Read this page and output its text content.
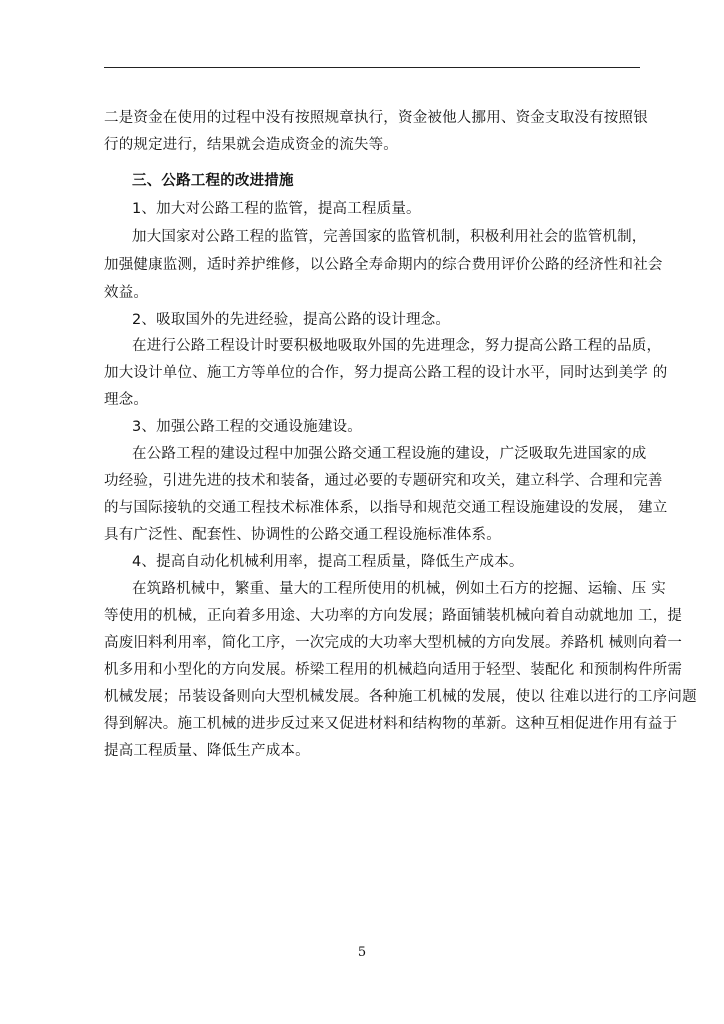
二是资金在使用的过程中没有按照规章执行，资金被他人挪用、资金支取没有按照银
行的规定进行，结果就会造成资金的流失等。
三、公路工程的改进措施
1、加大对公路工程的监管，提高工程质量。
加大国家对公路工程的监管，完善国家的监管机制，积极利用社会的监管机制，
加强健康监测，适时养护维修，以公路全寿命期内的综合费用评价公路的经济性和社会
效益。
2、吸取国外的先进经验，提高公路的设计理念。
在进行公路工程设计时要积极地吸取外国的先进理念，努力提高公路工程的品质，
加大设计单位、施工方等单位的合作，努力提高公路工程的设计水平，同时达到美学 的
理念。
3、加强公路工程的交通设施建设。
在公路工程的建设过程中加强公路交通工程设施的建设，广泛吸取先进国家的成
功经验，引进先进的技术和装备，通过必要的专题研究和攻关，建立科学、合理和完善
的与国际接轨的交通工程技术标准体系，以指导和规范交通工程设施建设的发展， 建立
具有广泛性、配套性、协调性的公路交通工程设施标准体系。
4、提高自动化机械利用率，提高工程质量，降低生产成本。
在筑路机械中，繁重、量大的工程所使用的机械，例如土石方的挖掘、运输、压 实
等使用的机械，正向着多用途、大功率的方向发展；路面铺装机械向着自动就地加 工，提
高废旧料利用率，简化工序，一次完成的大功率大型机械的方向发展。养路机 械则向着一
机多用和小型化的方向发展。桥梁工程用的机械趋向适用于轻型、装配化 和预制构件所需
机械发展；吊装设备则向大型机械发展。各种施工机械的发展，使以 往难以进行的工序问题
得到解决。施工机械的进步反过来又促进材料和结构物的革新。这种互相促进作用有益于
提高工程质量、降低生产成本。
5
